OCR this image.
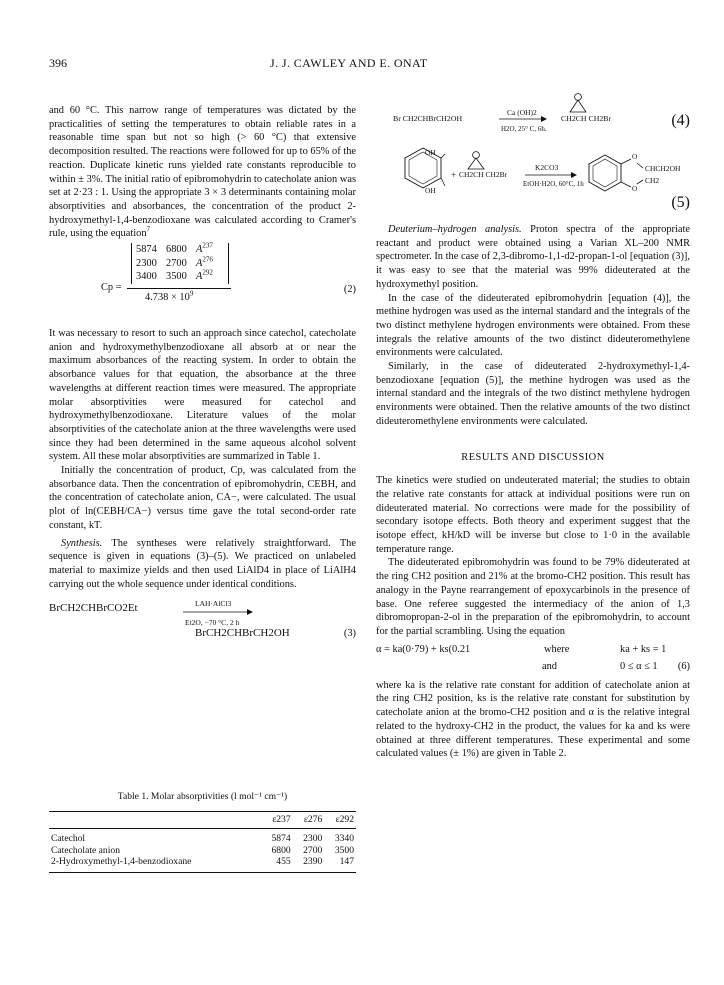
396	J. J. CAWLEY AND E. ONAT

and 60 °C. This narrow range of temperatures was dictated by the practicalities of setting the temperatures to obtain reliable rates in a reasonable time span but not so high (> 60 °C) that extensive decomposition resulted. The reactions were followed for up to 65% of the reaction. Duplicate kinetic runs yielded rate constants reproducible to within ± 3%. The initial ratio of epibromohydrin to catecholate anion was set at 2·23 : 1. Using the appropriate 3 × 3 determinants containing molar absorptivities and absorbances, the concentration of the product 2-hydroxymethyl-1,4-benzodioxane was calculated according to Cramer's rule, using the equation$^7$

Cp =
5874 6800 $A^{237}$
2300 2700 $A^{276}$
3400 3500 $A^{292}$
$4.738 \times 10^9$	(2)

It was necessary to resort to such an approach since catechol, catecholate anion and hydroxymethylbenzodioxane all absorb at or near the maximum absorbances of the reacting system. In order to obtain the absorbance values for that equation, the absorbance at the three wavelengths at different reaction times were measured. The appropriate molar absorptivities were measured for catechol and hydroxymethylbenzodioxane. Literature values of the molar absorptivities of the catecholate anion at the three wavelengths were used since they had been determined in the same aqueous alcohol solvent system. All these molar absorptivities are summarized in Table 1.

Initially the concentration of product, Cp, was calculated from the absorbance data. Then the concentration of epibromohydrin, CEBH, and the concentration of catecholate anion, CA−, were calculated. The usual plot of ln(CEBH/CA−) versus time gave the total second-order rate constant, kT.

Synthesis. The syntheses were relatively straightforward. The sequence is given in equations (3)–(5). We practiced on unlabeled material to maximize yields and then used LiAlD4 in place of LiAlH4 carrying out the whole sequence under identical conditions.

BrCH2CHBrCO2Et	LAH·AlCl3
Et2O, −70 °C, 2 h
BrCH2CHBrCH2OH	(3)
Table 1. Molar absorptivities (l mol⁻¹ cm⁻¹)
	ε237	ε276	ε292
Catechol	5874	2300	3340
Catecholate anion	6800	2700	3500
2-Hydroxymethyl-1,4-benzodioxane	455	2390	147
Br CH2CHBrCH2OH
Ca (OH)2
H2O, 25° C, 6h.
CH2CH CH2Br	(4)
OH
OH
+ CH2CH CH2Br
K2CO3
EtOH·H2O, 60°C, 1h
O
O
CHCH2OH
CH2
(5)

Deuterium–hydrogen analysis. Proton spectra of the appropriate reactant and product were obtained using a Varian XL–200 NMR spectrometer. In the case of 2,3-dibromo-1,1-d2-propan-1-ol [equation (3)], it was easy to see that the material was 99% dideuterated at the hydroxymethyl position.

In the case of the dideuterated epibromohydrin [equation (4)], the methine hydrogen was used as the internal standard and the integrals of the two distinct methylene hydrogen environments were obtained. From these integrals the relative amounts of the two distinct dideuteromethylene environments were calculated.

Similarly, in the case of dideuterated 2-hydroxymethyl-1,4-benzodioxane [equation (5)], the methine hydrogen was used as the internal standard and the integrals of the two distinct methylene hydrogen environments were obtained. Then the relative amounts of the two distinct dideuteromethylene environments were calculated.

RESULTS AND DISCUSSION

The kinetics were studied on undeuterated material; the studies to obtain the relative rate constants for attack at individual positions were run on dideuterated material. No corrections were made for the possibility of secondary isotope effects. Both theory and experiment suggest that the isotope effect, kH/kD will be inverse but close to 1·0 in the available temperature range.

The dideuterated epibromohydrin was found to be 79% dideuterated at the ring CH2 position and 21% at the bromo-CH2 position. This result has analogy in the Payne rearrangement of epoxycarbinols in the presence of base. One referee suggested the intermediacy of the anion of 1,3 dibromopropan-2-ol in the preparation of the epibromohydrin, to account for the partial scrambling. Using the equation

α = ka(0·79) + ks(0.21	where	ka + ks = 1
and	0 ≤ α ≤ 1 (6)

where ka is the relative rate constant for addition of catecholate anion at the ring CH2 position, ks is the relative rate constant for substitution by catecholate anion at the bromo-CH2 position and α is the relative integral related to the hydroxy-CH2 in the product, the values for ka and ks were obtained at three different temperatures. These experimental and some calculated values (± 1%) are given in Table 2.
